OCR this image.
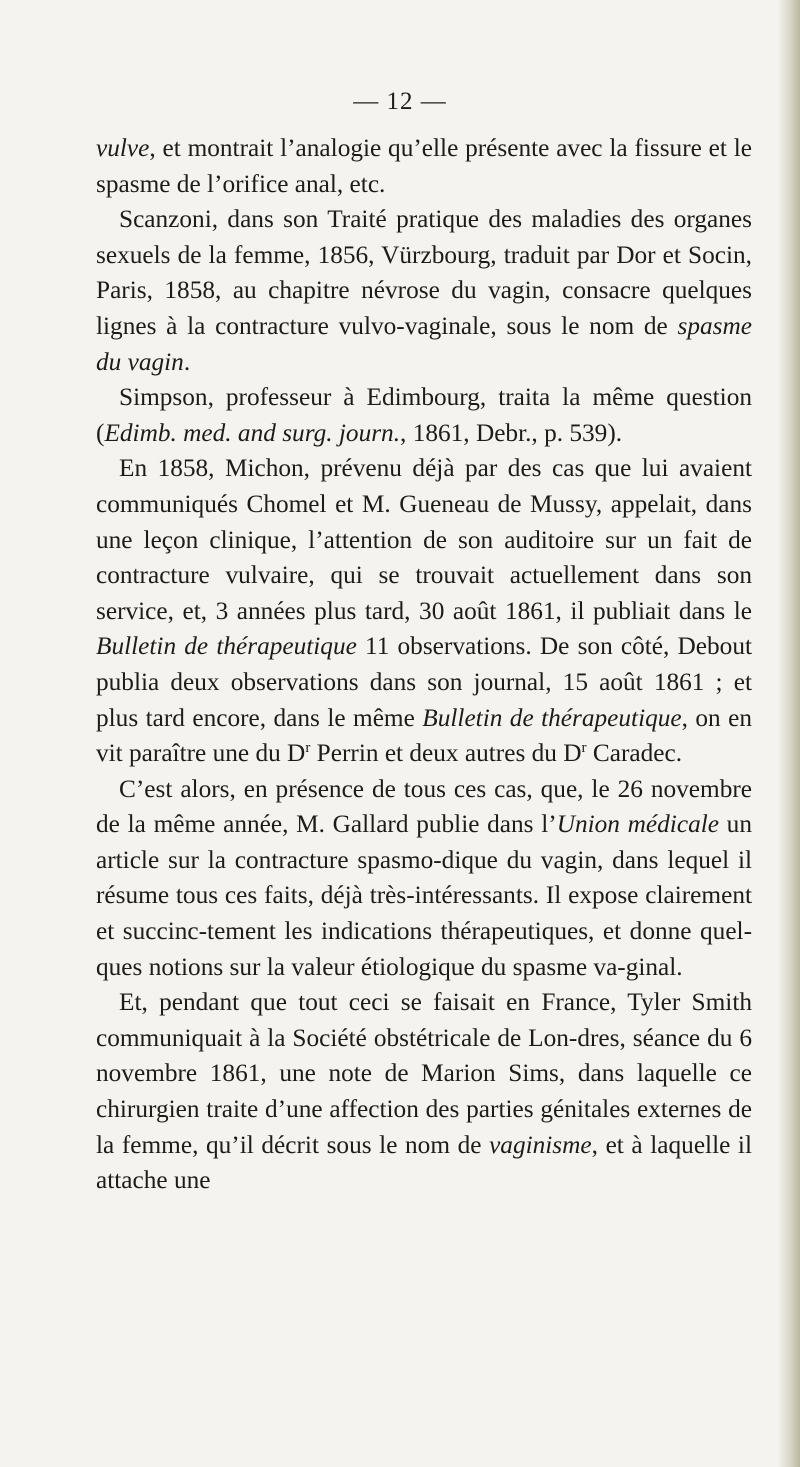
— 12 —

vulve, et montrait l’analogie qu’elle présente avec la fissure et le spasme de l’orifice anal, etc.

Scanzoni, dans son Traité pratique des maladies des organes sexuels de la femme, 1856, Vürzbourg, traduit par Dor et Socin, Paris, 1858, au chapitre névrose du vagin, consacre quelques lignes à la contracture vulvo-vaginale, sous le nom de spasme du vagin.

Simpson, professeur à Edimbourg, traita la même question (Edimb. med. and surg. journ., 1861, Debr., p. 539).

En 1858, Michon, prévenu déjà par des cas que lui avaient communiqués Chomel et M. Gueneau de Mussy, appelait, dans une leçon clinique, l’attention de son auditoire sur un fait de contracture vulvaire, qui se trouvait actuellement dans son service, et, 3 années plus tard, 30 août 1861, il publiait dans le Bulletin de thérapeutique 11 observations. De son côté, Debout publia deux observations dans son journal, 15 août 1861 ; et plus tard encore, dans le même Bulletin de thérapeutique, on en vit paraître une du $D^r$ Perrin et deux autres du $D^r$ Caradec.

C’est alors, en présence de tous ces cas, que, le 26 novembre de la même année, M. Gallard publie dans l’Union médicale un article sur la contracture spasmo-dique du vagin, dans lequel il résume tous ces faits, déjà très-intéressants. Il expose clairement et succinc-tement les indications thérapeutiques, et donne quel-ques notions sur la valeur étiologique du spasme va-ginal.

Et, pendant que tout ceci se faisait en France, Tyler Smith communiquait à la Société obstétricale de Lon-dres, séance du 6 novembre 1861, une note de Marion Sims, dans laquelle ce chirurgien traite d’une affection des parties génitales externes de la femme, qu’il décrit sous le nom de vaginisme, et à laquelle il attache une
